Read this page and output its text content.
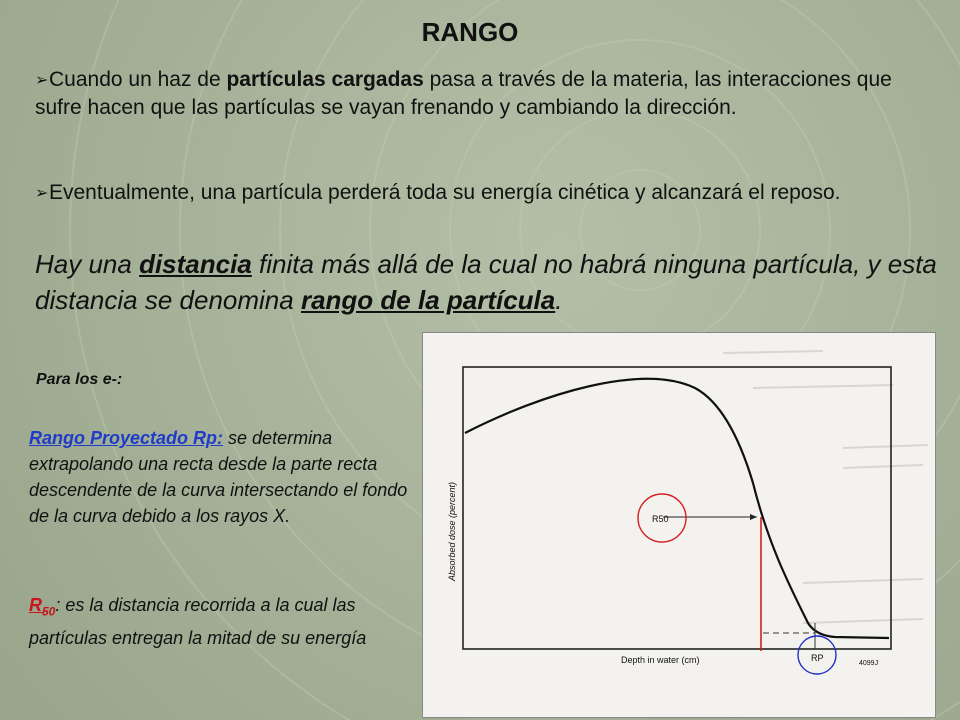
RANGO
➢Cuando un haz de partículas cargadas pasa a través de la materia, las interacciones que sufre hacen que las partículas se vayan frenando y cambiando la dirección.
➢Eventualmente, una partícula perderá toda su energía cinética y alcanzará el reposo.
Hay una distancia finita más allá de la cual no habrá ninguna partícula, y esta distancia se denomina rango de la partícula.
Para los e-:
Rango Proyectado Rp: se determina extrapolando una recta desde la parte recta descendente de la curva intersectando el fondo de la curva debido a los rayos X.
$R_{50}$: es la distancia recorrida a la cual las partículas entregan la mitad de su energía
R50
RP
Depth in water (cm)
Absorbed dose (percent)
4099J
